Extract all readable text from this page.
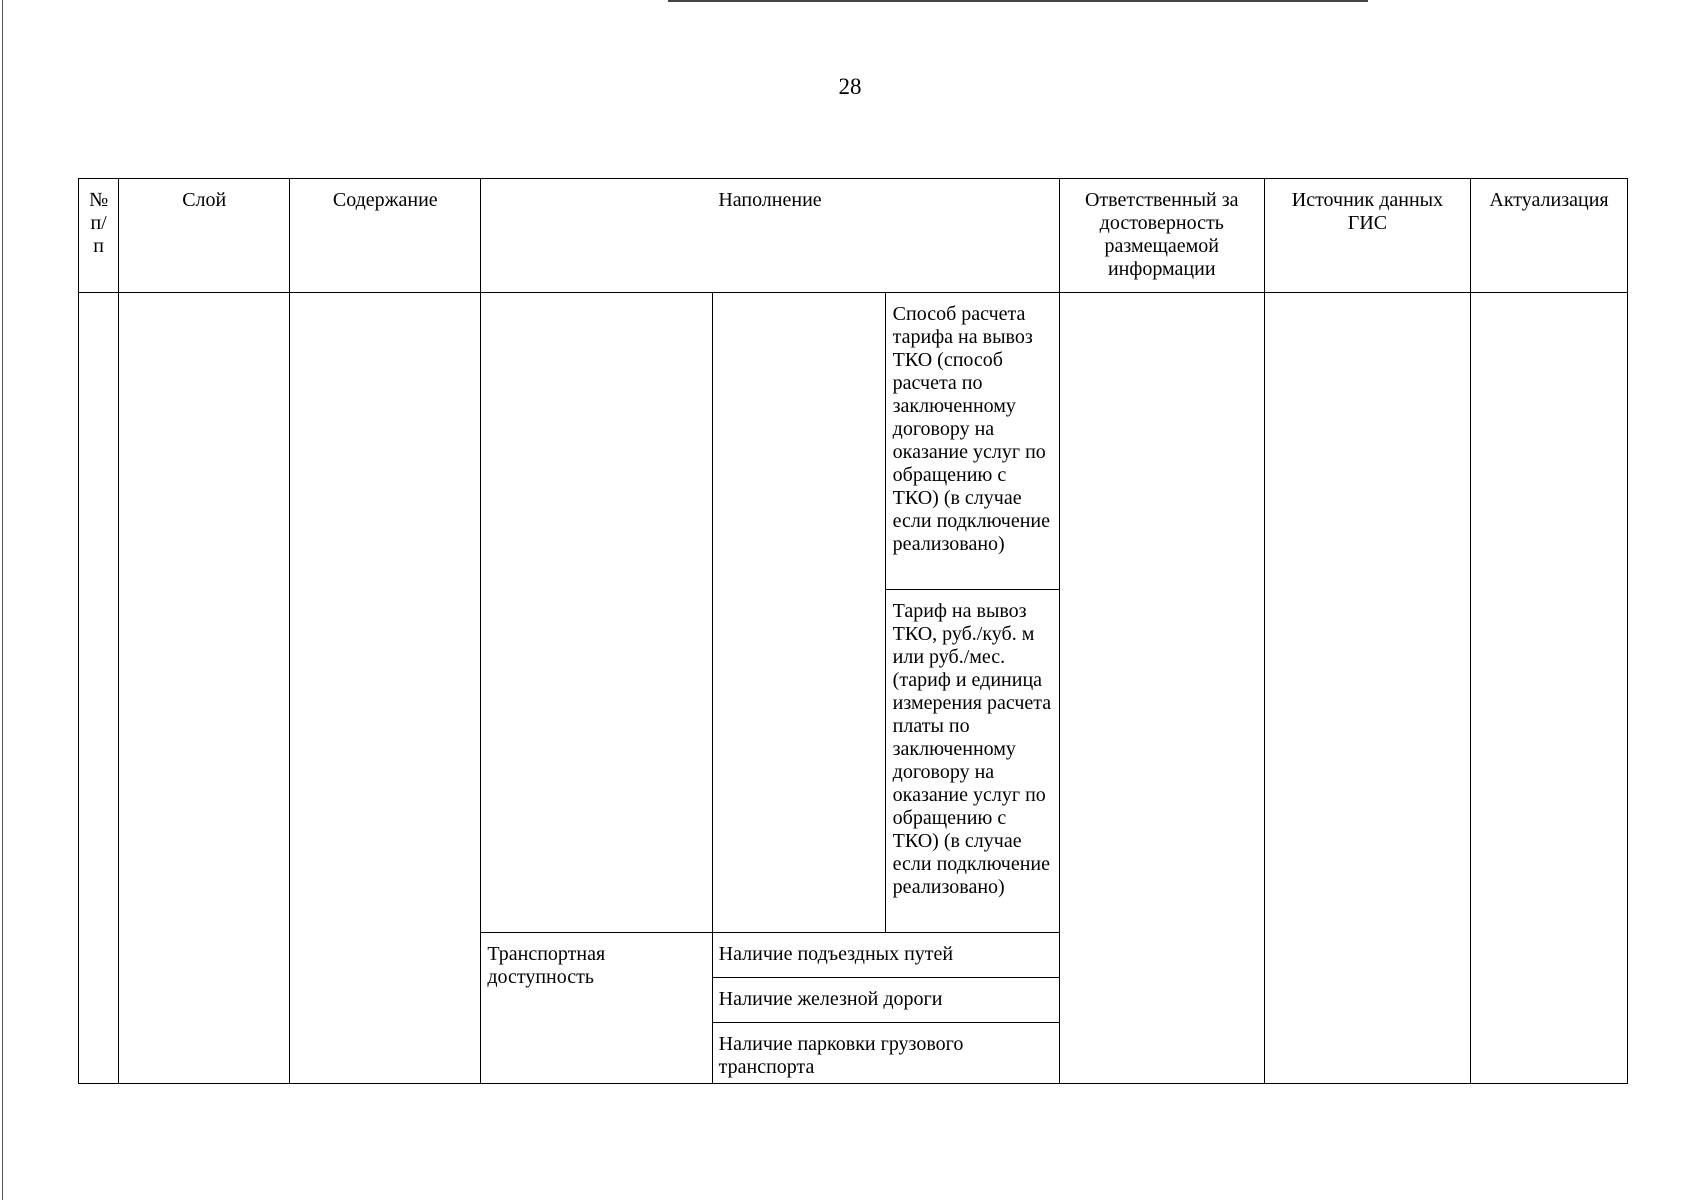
28
№ п/ п	Слой	Содержание	Наполнение			Ответственный за достоверность размещаемой информации	Источник данных ГИС	Актуализация
					Способ расчета тарифа на вывоз ТКО (способ расчета по заключенному договору на оказание услуг по обращению с ТКО) (в случае если подключение реализовано)			
					Тариф на вывоз ТКО, руб./куб. м или руб./мес. (тариф и единица измерения расчета платы по заключенному договору на оказание услуг по обращению с ТКО) (в случае если подключение реализовано)			
			Транспортная доступность	Наличие подъездных путей				
				Наличие железной дороги				
				Наличие парковки грузового транспорта				
